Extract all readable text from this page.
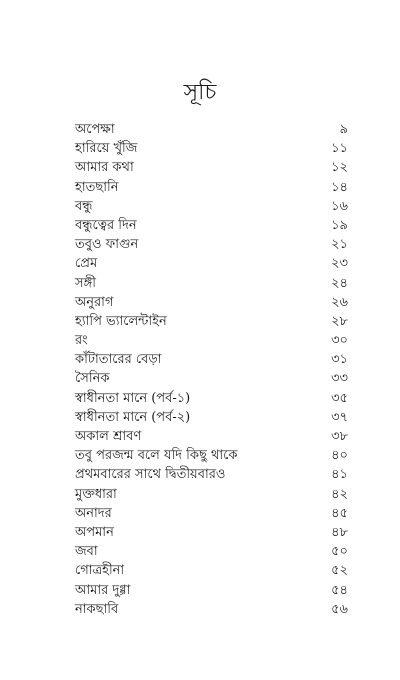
সূচি
অপেক্ষা	৯
হারিয়ে খুঁজি	১১
আমার কথা	১২
হাতছানি	১৪
বন্ধু	১৬
বন্ধুত্বের দিন	১৯
তবুও ফাগুন	২১
প্রেম	২৩
সঙ্গী	২৪
অনুরাগ	২৬
হ্যাপি ভ্যালেন্টাইন	২৮
রং	৩০
কাঁটাতারের বেড়া	৩১
সৈনিক	৩৩
স্বাধীনতা মানে (পর্ব-১)	৩৫
স্বাধীনতা মানে (পর্ব-২)	৩৭
অকাল শ্রাবণ	৩৮
তবু পরজন্ম বলে যদি কিছু থাকে	৪০
প্রথমবারের সাথে দ্বিতীয়বারও	৪১
মুক্তধারা	৪২
অনাদর	৪৫
অপমান	৪৮
জবা	৫০
গোত্রহীনা	৫২
আমার দুগ্গা	৫৪
নাকছাবি	৫৬
